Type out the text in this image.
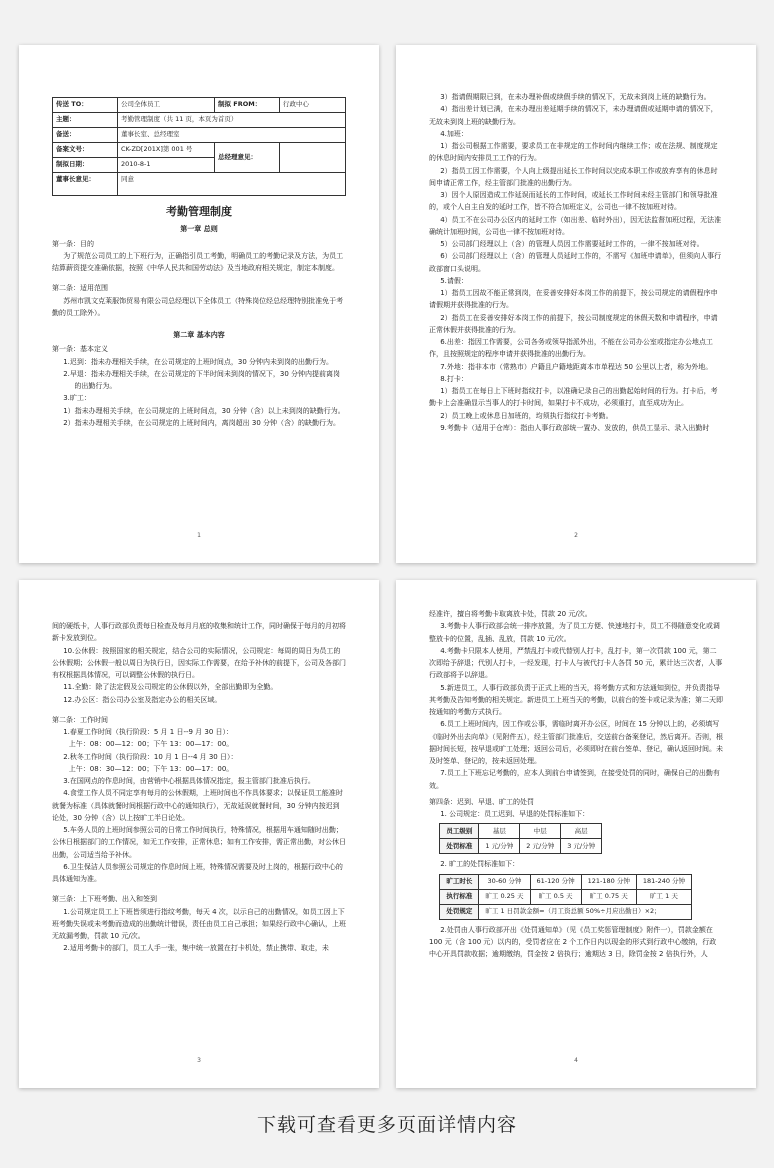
传送 TO：	公司全体员工	制拟 FROM：	行政中心
主题：	考勤管理制度（共 11 页，本页为首页）		
备送：	董事长室、总经理室		
备案文号：	CK-ZD[201X]第 001 号	总经理意见：	
制拟日期：	2010-8-1		
董事长意见：	同意		
考勤管理制度
第一章 总则

第一条：目的

为了规范公司员工的上下班行为，正确指引员工考勤，明确员工的考勤记录及方法，为员工结算薪资提交准确依据，按照《中华人民共和国劳动法》及当地政府相关规定，制定本制度。

第二条：适用范围

苏州市凯文克莱服饰贸易有限公司总经理以下全体员工（特殊岗位经总经理特别批准免于考勤的员工除外）。

第二章 基本内容

第一条：基本定义

1.迟到：指未办理相关手续，在公司规定的上班时间点，30 分钟内未到岗的出勤行为。

2.早退：指未办理相关手续，在公司规定的下半时间未到岗的情况下，30 分钟内提前离岗的出勤行为。

3.旷工：

1）指未办理相关手续，在公司规定的上班时间点，30 分钟（含）以上未到岗的缺勤行为。

2）指未办理相关手续，在公司规定的上班时间内，离岗超出 30 分钟（含）的缺勤行为。

1

3）指请假期限已到，在未办理补假或续假手续的情况下，无故未到岗上班的缺勤行为。

4）指出差计划已满，在未办理出差延期手续的情况下，未办理请假或延期申请的情况下，无故未到岗上班的缺勤行为。

4.加班：

1）指公司根据工作需要，要求员工在非规定的工作时间内继续工作；或在法规、制度规定的休息时间内安排员工工作的行为。

2）指员工因工作需要，个人向上级提出延长工作时间以完成本职工作或放弃享有的休息时间申请正常工作，经主管部门批准的出勤行为。

3）因个人原因造成工作延误而延长的工作时间，或延长工作时间未经主管部门和领导批准的，或个人自主自发的延时工作，皆不符合加班定义，公司也一律不按加班对待。

4）员工不在公司办公区内的延时工作（如出差、临时外出），因无法监督加班过程，无法准确统计加班时间，公司也一律不按加班对待。

5）公司部门经理以上（含）的管理人员因工作需要延时工作的，一律不按加班对待。

6）公司部门经理以上（含）的管理人员延时工作的，不需写《加班申请单》，但须向人事行政部窗口头说明。

5.请假：

1）指员工因故不能正常到岗，在妥善安排好本岗工作的前提下，按公司规定的请假程序申请假期并获得批准的行为。

2）指员工在妥善安排好本岗工作的前提下，按公司制度规定的休假天数和申请程序，申请正常休假并获得批准的行为。

6.出差：指因工作需要，公司各务或领导指派外出，不能在公司办公室或指定办公地点工作，且按照规定的程序申请并获得批准的出勤行为。

7.外地：指非本市（常熟市）户籍且户籍地距离本市单程达 50 公里以上者，称为外地。

8.打卡：

1）指员工在每日上下班时指纹打卡，以准确记录自己的出勤起始时间的行为。打卡后，考勤卡上会准确显示当事人的打卡时间，如果打卡不成功，必须重打，直至成功为止。

2）员工晚上或休息日加班的，均须执行指纹打卡考勤。

9.考勤卡（适用于仓库）：指由人事行政部统一置办、发放的，供员工显示、录入出勤时

2

间的硬纸卡，人事行政部负责每日检查及每月月底的收集和统计工作，同时确保于每月的月初将新卡发放到位。

10.公休假：按照国家的相关规定，结合公司的实际情况，公司规定：每周的周日为员工的公休假期；公休假一般以周日为执行日，因实际工作需要，在给予补休的前提下，公司及各部门有权根据具体情况，可以调整公休假的执行日。

11.全勤：除了法定假及公司规定的公休假以外，全部出勤即为全勤。

12.办公区：指公司办公室及指定办公的相关区域。

第二条：工作时间

1.春夏工作时间（执行阶段：5 月 1 日--9 月 30 日）：

上午：08：00—12：00；下午 13：00—17：00。

2.秋冬工作时间（执行阶段：10 月 1 日--4 月 30 日）：

上午：08：30—12：00；下午 13：00—17：00。

3.在国网点的作息时间，由营销中心根据具体情况指定，报主管部门批准后执行。

4.食堂工作人员不同定享有每月的公休假期，上班时间也不作具体要求；以保证员工能准时就餐为标准（具体就餐时间根据行政中心的通知执行），无故延误就餐时间，30 分钟内按迟到论处，30 分钟（含）以上按旷工半日论处。

5.车务人员的上班时间参照公司的日常工作时间执行，特殊情况，根据用车通知随时出勤；公休日根据部门的工作情况，如无工作安排，正常休息；如有工作安排，需正常出勤，对公休日出勤，公司适当给予补休。

6.卫生保洁人员参照公司规定的作息时间上班，特殊情况需要及时上岗的，根据行政中心的具体通知为准。

第三条：上下班考勤、出入和签到

1.公司规定员工上下班皆须进行指纹考勤，每天 4 次，以示自己的出勤情况，如员工因上下班考勤失误或未考勤而造成的出勤统计错误，责任由员工自己承担；如果经行政中心确认，上班无故漏考勤，罚款 10 元/次。

2.适用考勤卡的部门，员工人手一张，集中统一放置在打卡机处，禁止携带、取走，未

3

经准许，擅自将考勤卡取离放卡处，罚款 20 元/次。

3.考勤卡人事行政部会统一排序放置，为了员工方便、快速地打卡，员工不得随意变化或调整放卡的位置，乱插、乱放，罚款 10 元/次。

4.考勤卡只限本人使用，严禁乱打卡或代替别人打卡，乱打卡，第一次罚款 100 元，第二次即给予辞退；代别人打卡，一经发现，打卡人与被代打卡人各罚 50 元，累计达三次者，人事行政部将予以辞退。

5.新进员工，人事行政部负责于正式上班的当天，将考勤方式和方法通知到位，并负责指导其考勤及告知考勤的相关规定。新进员工上班当天的考勤，以前台的签卡或记录为准；第二天即按通知的考勤方式执行。

6.员工上班时间内，因工作或公事，需临时离开办公区，时间在 15 分钟以上的，必须填写《临时外出去向单》（见附件五），经主管部门批准后，交送前台备案登记，然后离开。否则，根据时间长短，按早退或旷工处理；返回公司后，必须即时在前台签单、登记，确认返回时间。未及时签单、登记的，按未返回处理。

7.员工上下班忘记考勤的，应本人到前台申请签到，在接受处罚的同时，确保自己的出勤有效。

第四条：迟到、早退、旷工的处罚

1. 公司规定：员工迟到、早退的处罚标准如下：

员工级别	基层	中层	高层
处罚标准	1 元/分钟	2 元/分钟	3 元/分钟

2. 旷工的处罚标准如下：

旷工时长	30-60 分钟	61-120 分钟	121-180 分钟	181-240 分钟
执行标准	旷工 0.25 天	旷工 0.5 天	旷工 0.75 天	旷工 1 天
处罚规定	旷工 1 日罚款金额=（月工资总额 50%÷月应出勤日）×2；			

2.处罚由人事行政部开出《处罚通知单》（见《员工奖惩管理制度》附件一），罚款金额在 100 元（含 100 元）以内的，受罚者应在 2 个工作日内以现金的形式到行政中心缴纳，行政中心开具罚款收据；逾期缴纳，罚金按 2 倍执行；逾期达 3 日，除罚金按 2 倍执行外，人

4
下载可查看更多页面详情内容
